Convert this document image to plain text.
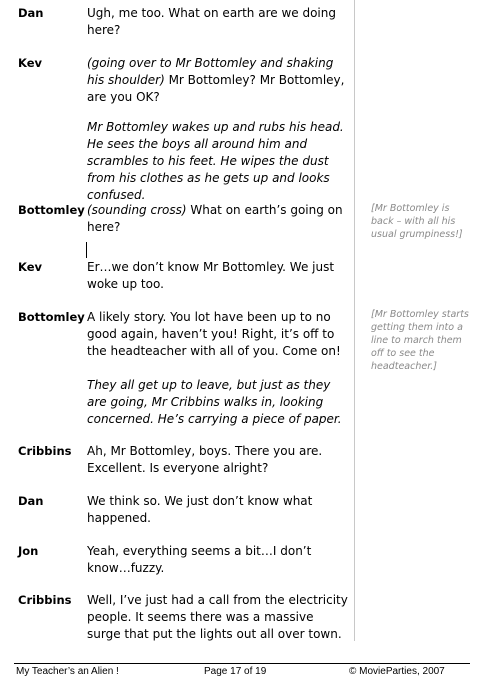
Dan	Ugh, me too. What on earth are we doing here?
Kev	(going over to Mr Bottomley and shaking his shoulder) Mr Bottomley? Mr Bottomley, are you OK?
Mr Bottomley wakes up and rubs his head. He sees the boys all around him and scrambles to his feet. He wipes the dust from his clothes as he gets up and looks confused.
Bottomley (sounding cross) What on earth’s going on here?
[Mr Bottomley is back – with all his usual grumpiness!]
Kev	Er…we don’t know Mr Bottomley. We just woke up too.
Bottomley A likely story. You lot have been up to no good again, haven’t you! Right, it’s off to the headteacher with all of you. Come on!
[Mr Bottomley starts getting them into a line to march them off to see the headteacher.]
They all get up to leave, but just as they are going, Mr Cribbins walks in, looking concerned. He’s carrying a piece of paper.
Cribbins Ah, Mr Bottomley, boys. There you are. Excellent. Is everyone alright?
Dan	We think so. We just don’t know what happened.
Jon	Yeah, everything seems a bit…I don’t know…fuzzy.
Cribbins Well, I’ve just had a call from the electricity people. It seems there was a massive surge that put the lights out all over town.
My Teacher’s an Alien !	Page 17 of 19	© MovieParties, 2007
